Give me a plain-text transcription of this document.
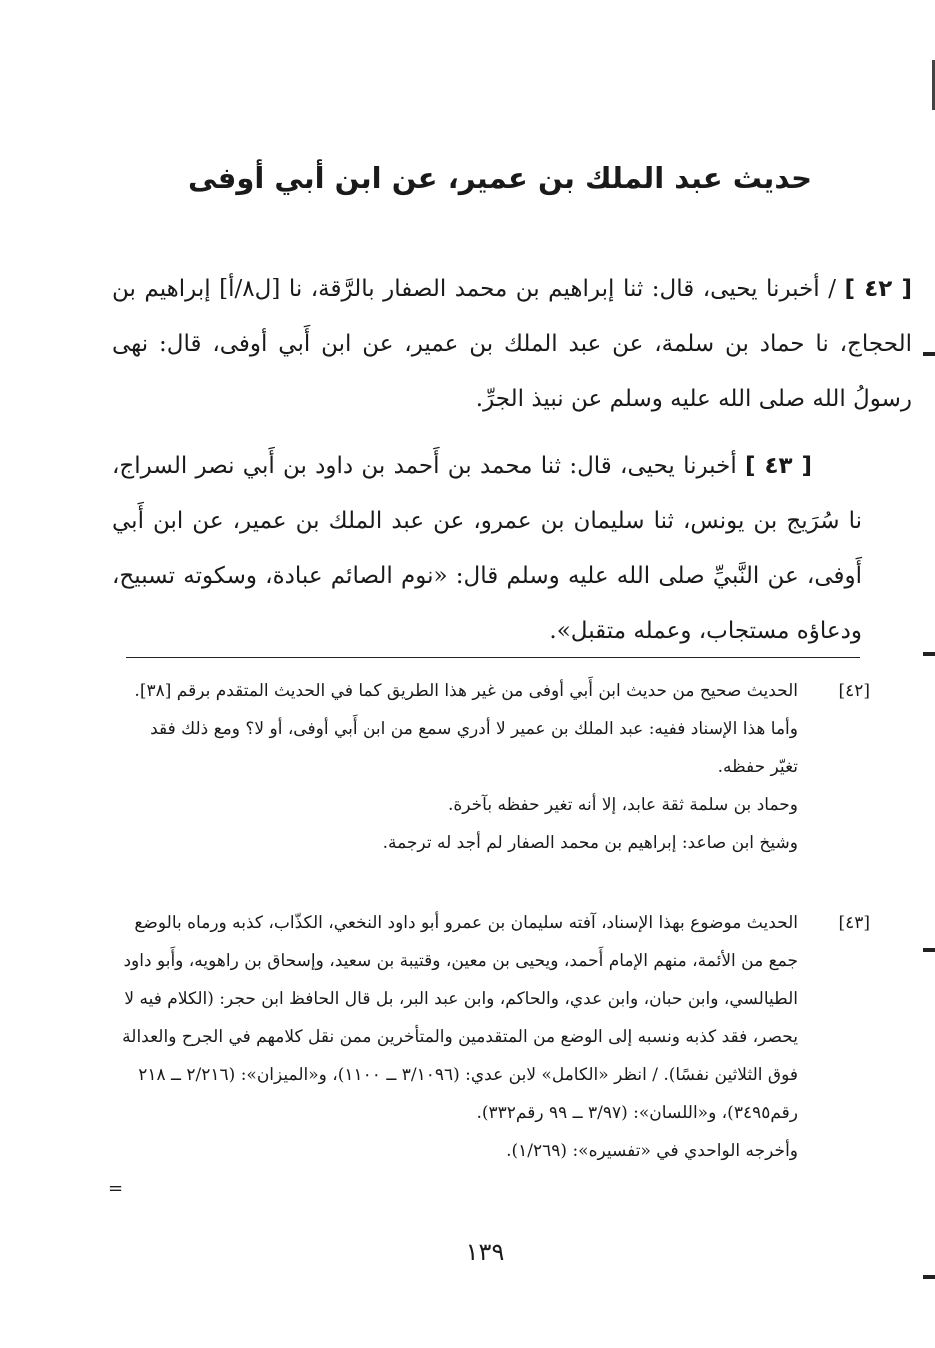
حديث عبد الملك بن عمير، عن ابن أبي أوفى

[ ٤٢ ] / أخبرنا يحيى، قال: ثنا إبراهيم بن محمد الصفار بالرَّقة، نا [ل٨/أ] إبراهيم بن الحجاج، نا حماد بن سلمة، عن عبد الملك بن عمير، عن ابن أَبي أوفى، قال: نهى رسولُ الله صلى الله عليه وسلم عن نبيذ الجرِّ.

[ ٤٣ ] أخبرنا يحيى، قال: ثنا محمد بن أَحمد بن داود بن أَبي نصر السراج، نا سُرَيج بن يونس، ثنا سليمان بن عمرو، عن عبد الملك بن عمير، عن ابن أَبي أَوفى، عن النَّبيِّ صلى الله عليه وسلم قال: «نوم الصائم عبادة، وسكوته تسبيح، ودعاؤه مستجاب، وعمله متقبل».

[٤٢]

الحديث صحيح من حديث ابن أَبي أوفى من غير هذا الطريق كما في الحديث المتقدم برقم [٣٨].

وأما هذا الإسناد ففيه: عبد الملك بن عمير لا أدري سمع من ابن أَبي أوفى، أو لا؟ ومع ذلك فقد تغيّر حفظه.

وحماد بن سلمة ثقة عابد، إلا أنه تغير حفظه بآخرة.

وشيخ ابن صاعد: إبراهيم بن محمد الصفار لم أجد له ترجمة.

[٤٣]

الحديث موضوع بهذا الإسناد، آفته سليمان بن عمرو أبو داود النخعي، الكذّاب، كذبه ورماه بالوضع جمع من الأئمة، منهم الإمام أَحمد، ويحيى بن معين، وقتيبة بن سعيد، وإسحاق بن راهويه، وأَبو داود الطيالسي، وابن حبان، وابن عدي، والحاكم، وابن عبد البر، بل قال الحافظ ابن حجر: (الكلام فيه لا يحصر، فقد كذبه ونسبه إلى الوضع من المتقدمين والمتأخرين ممن نقل كلامهم في الجرح والعدالة فوق الثلاثين نفسًا). / انظر «الكامل» لابن عدي: (٣/١٠٩٦ ــ ١١٠٠)، و«الميزان»: (٢/٢١٦ ــ ٢١٨ رقم٣٤٩٥)، و«اللسان»: (٣/٩٧ ــ ٩٩ رقم٣٣٢).

وأخرجه الواحدي في «تفسيره»: (١/٢٦٩).

=
١٣٩
